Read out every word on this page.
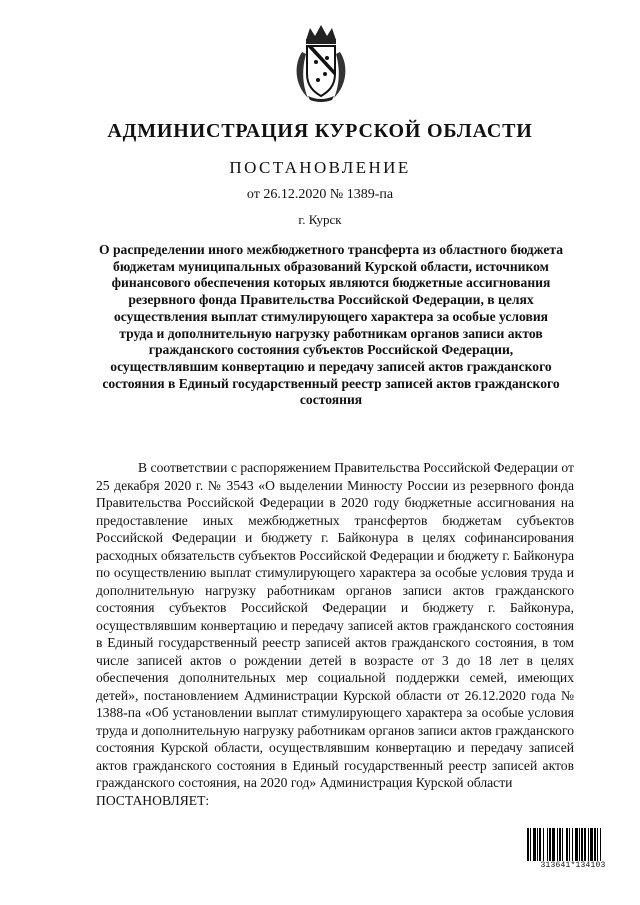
АДМИНИСТРАЦИЯ КУРСКОЙ ОБЛАСТИ
ПОСТАНОВЛЕНИЕ
от 26.12.2020 № 1389-па
г. Курск
О распределении иного межбюджетного трансферта из областного бюджета бюджетам муниципальных образований Курской области, источником финансового обеспечения которых являются бюджетные ассигнования резервного фонда Правительства Российской Федерации, в целях осуществления выплат стимулирующего характера за особые условия труда и дополнительную нагрузку работникам органов записи актов гражданского состояния субъектов Российской Федерации, осуществлявшим конвертацию и передачу записей актов гражданского состояния в Единый государственный реестр записей актов гражданского состояния

В соответствии с распоряжением Правительства Российской Федерации от 25 декабря 2020 г. № 3543 «О выделении Минюсту России из резервного фонда Правительства Российской Федерации в 2020 году бюджетные ассигнования на предоставление иных межбюджетных трансфертов бюджетам субъектов Российской Федерации и бюджету г. Байконура в целях софинансирования расходных обязательств субъектов Российской Федерации и бюджету г. Байконура по осуществлению выплат стимулирующего характера за особые условия труда и дополнительную нагрузку работникам органов записи актов гражданского состояния субъектов Российской Федерации и бюджету г. Байконура, осуществлявшим конвертацию и передачу записей актов гражданского состояния в Единый государственный реестр записей актов гражданского состояния, в том числе записей актов о рождении детей в возрасте от 3 до 18 лет в целях обеспечения дополнительных мер социальной поддержки семей, имеющих детей», постановлением Администрации Курской области от 26.12.2020 года № 1388-па «Об установлении выплат стимулирующего характера за особые условия труда и дополнительную нагрузку работникам органов записи актов гражданского состояния Курской области, осуществлявшим конвертацию и передачу записей актов гражданского состояния в Единый государственный реестр записей актов гражданского состояния, на 2020 год» Администрация Курской области

ПОСТАНОВЛЯЕТ:
313641*134103
